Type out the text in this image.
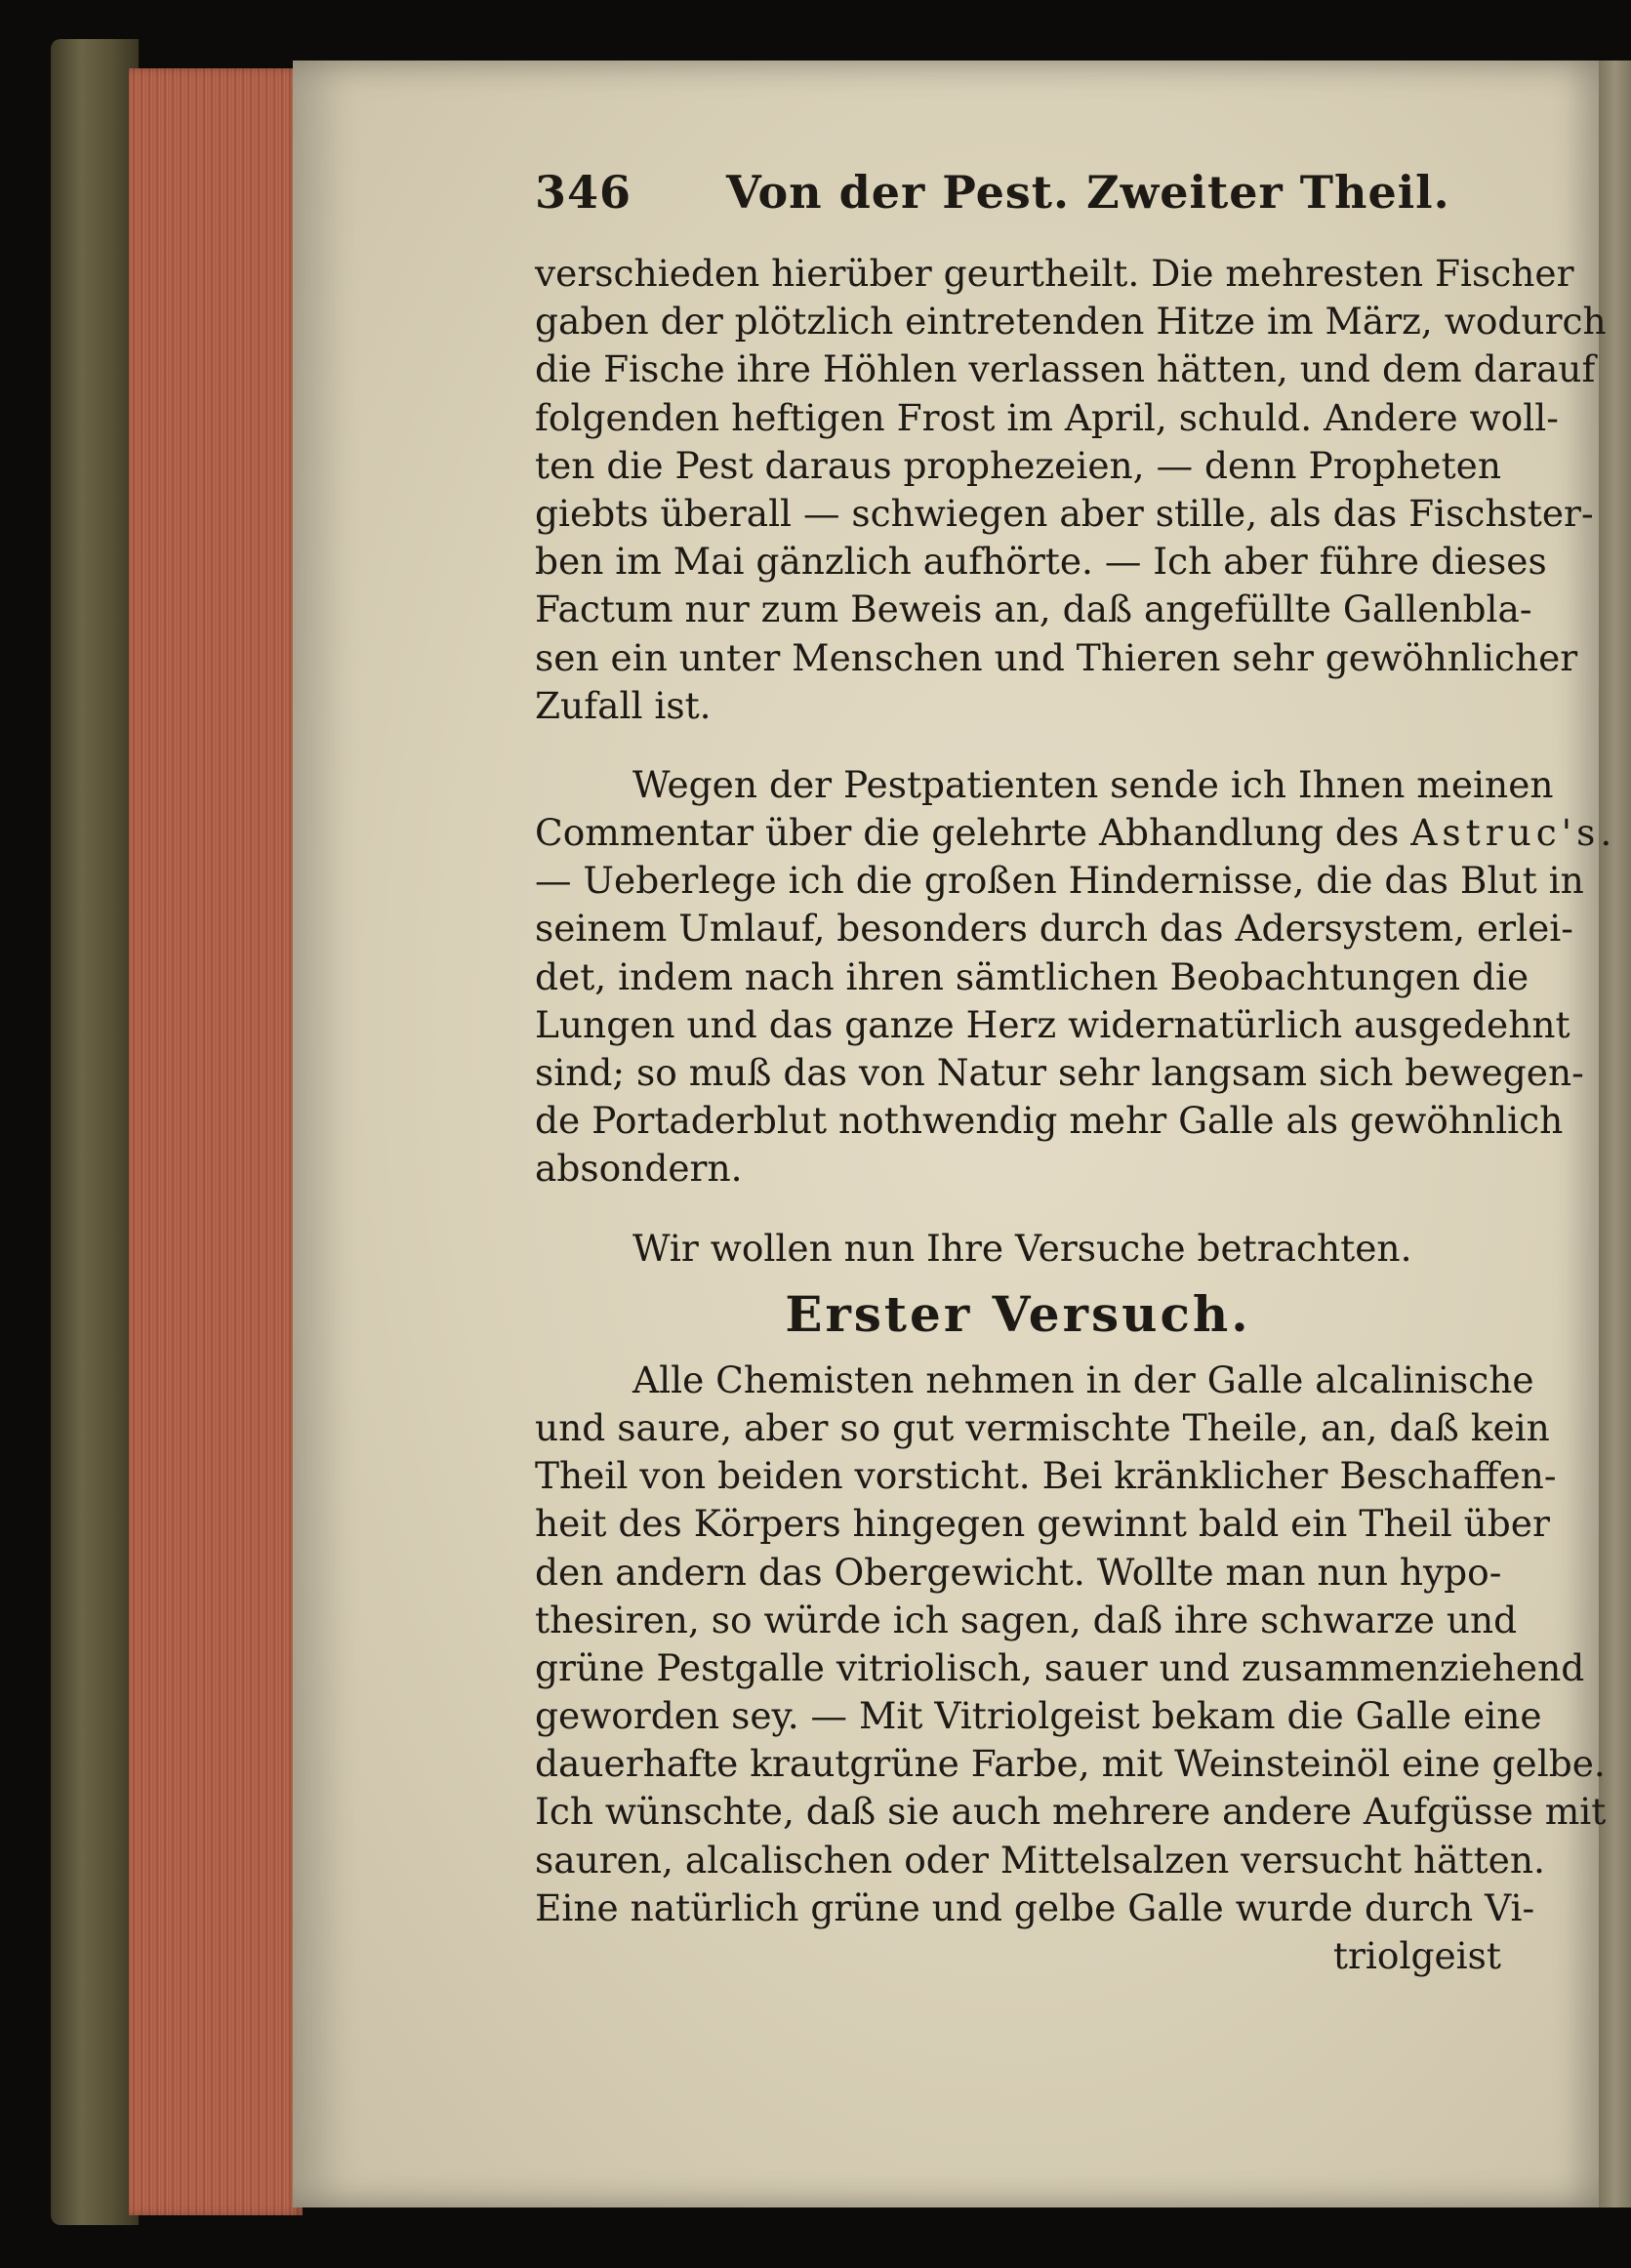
346	Von der Pest. Zweiter Theil.
verschieden hierüber geurtheilt. Die mehresten Fischer
gaben der plötzlich eintretenden Hitze im März, wodurch
die Fische ihre Höhlen verlassen hätten, und dem darauf
folgenden heftigen Frost im April, schuld. Andere woll-
ten die Pest daraus prophezeien, — denn Propheten
giebts überall — schwiegen aber stille, als das Fischster-
ben im Mai gänzlich aufhörte. — Ich aber führe dieses
Factum nur zum Beweis an, daß angefüllte Gallenbla-
sen ein unter Menschen und Thieren sehr gewöhnlicher
Zufall ist.
Wegen der Pestpatienten sende ich Ihnen meinen
Commentar über die gelehrte Abhandlung des Astruc's.
— Ueberlege ich die großen Hindernisse, die das Blut in
seinem Umlauf, besonders durch das Adersystem, erlei-
det, indem nach ihren sämtlichen Beobachtungen die
Lungen und das ganze Herz widernatürlich ausgedehnt
sind; so muß das von Natur sehr langsam sich bewegen-
de Portaderblut nothwendig mehr Galle als gewöhnlich
absondern.
Wir wollen nun Ihre Versuche betrachten.
Erster Versuch.
Alle Chemisten nehmen in der Galle alcalinische
und saure, aber so gut vermischte Theile, an, daß kein
Theil von beiden vorsticht. Bei kränklicher Beschaffen-
heit des Körpers hingegen gewinnt bald ein Theil über
den andern das Obergewicht. Wollte man nun hypo-
thesiren, so würde ich sagen, daß ihre schwarze und
grüne Pestgalle vitriolisch, sauer und zusammenziehend
geworden sey. — Mit Vitriolgeist bekam die Galle eine
dauerhafte krautgrüne Farbe, mit Weinsteinöl eine gelbe.
Ich wünschte, daß sie auch mehrere andere Aufgüsse mit
sauren, alcalischen oder Mittelsalzen versucht hätten.
Eine natürlich grüne und gelbe Galle wurde durch Vi-
triolgeist
